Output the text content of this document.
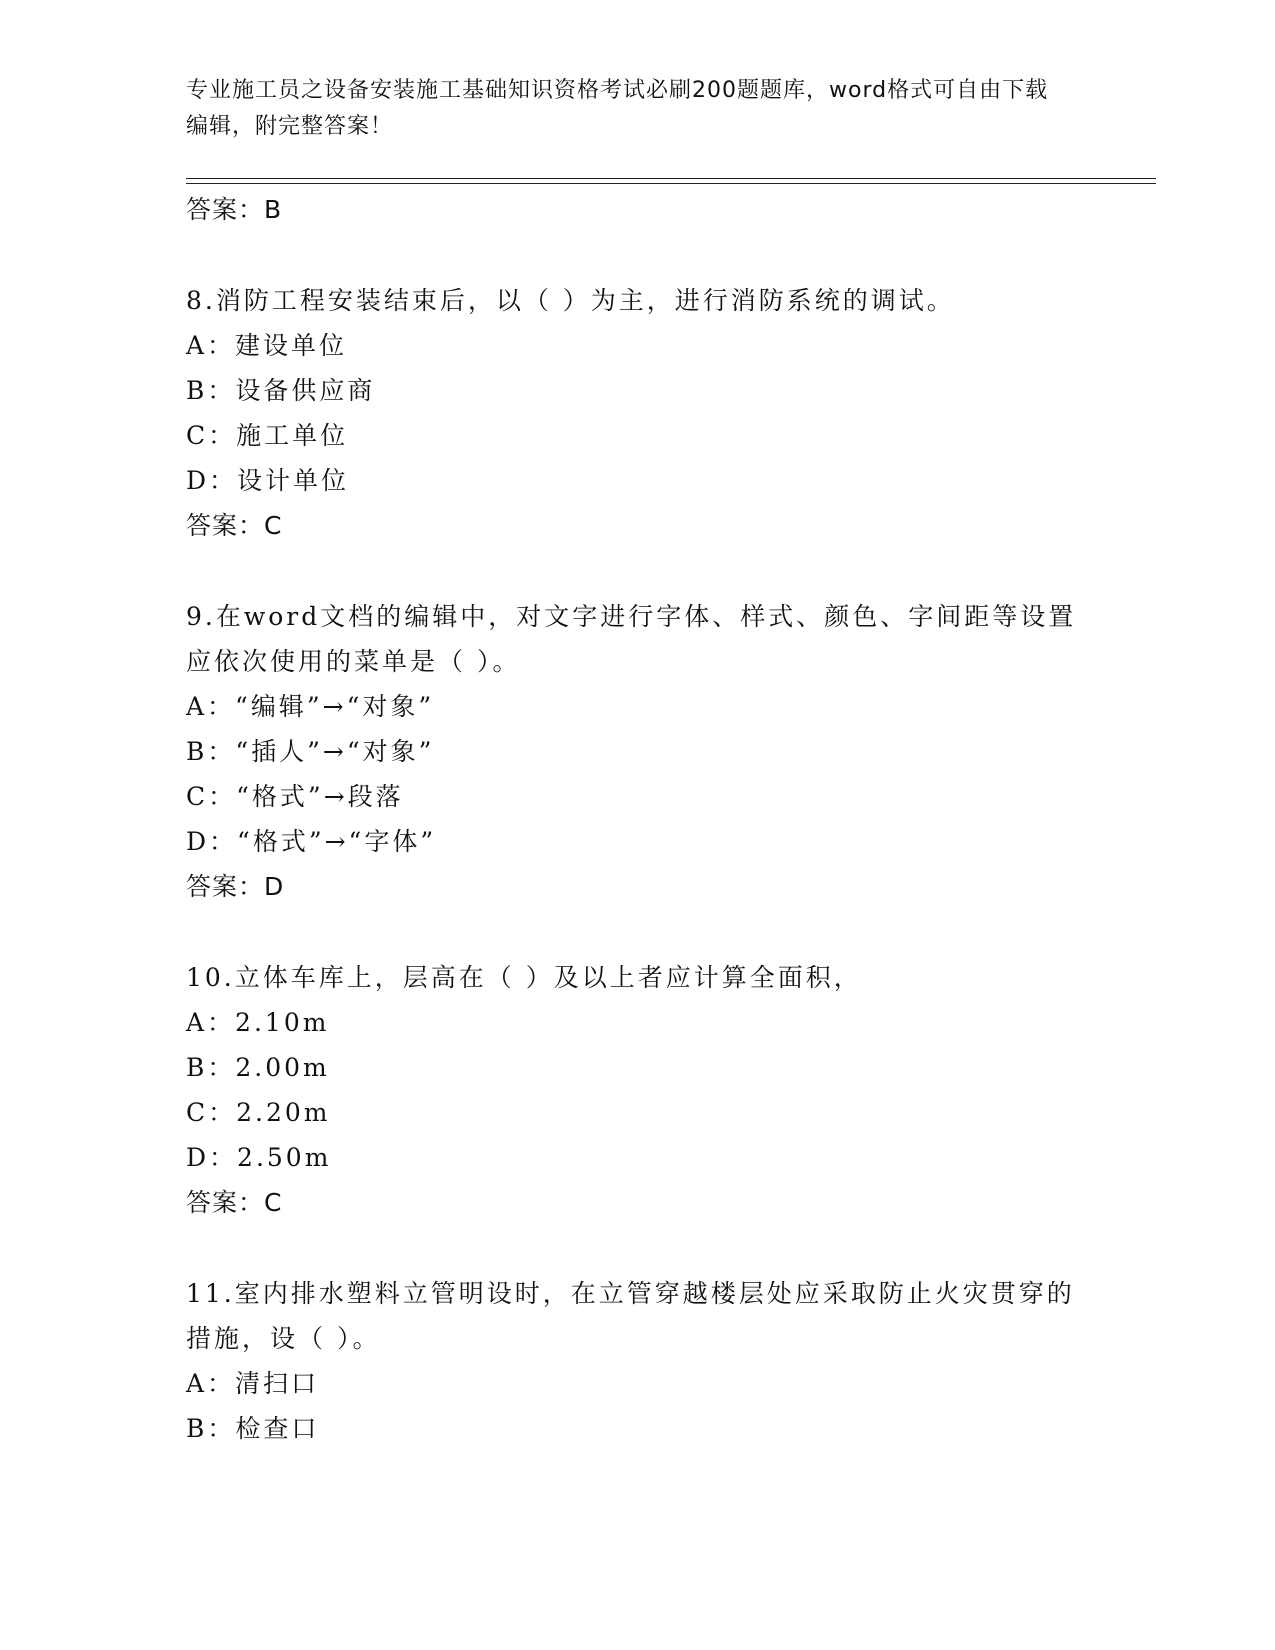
专业施工员之设备安装施工基础知识资格考试必刷200题题库，word格式可自由下载编辑，附完整答案！

答案：B

8.消防工程安装结束后，以（ ）为主，进行消防系统的调试。

A：建设单位

B：设备供应商

C：施工单位

D：设计单位

答案：C

9.在word文档的编辑中，对文字进行字体、样式、颜色、字间距等设置应依次使用的菜单是（ ）。

A：“编辑”→“对象”

B：“插人”→“对象”

C：“格式”→段落

D：“格式”→“字体”

答案：D

10.立体车库上，层高在（ ）及以上者应计算全面积，

A：2.10m

B：2.00m

C：2.20m

D：2.50m

答案：C

11.室内排水塑料立管明设时，在立管穿越楼层处应采取防止火灾贯穿的措施，设（ ）。

A：清扫口

B：检查口
